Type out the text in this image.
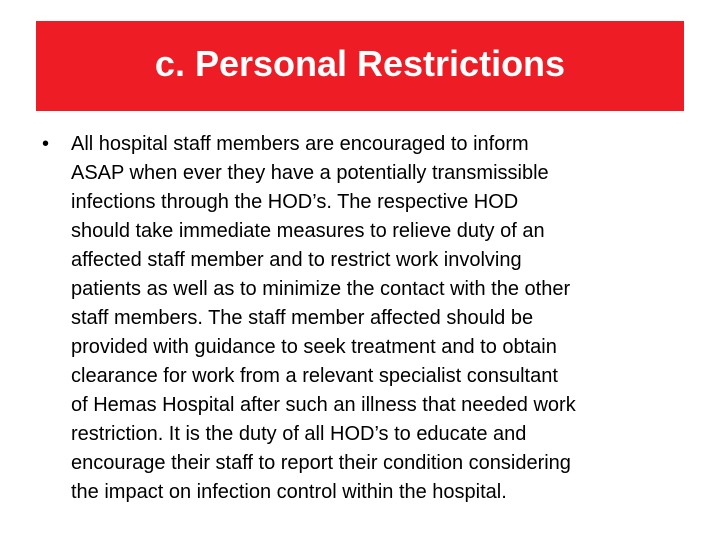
c. Personal Restrictions
• All hospital staff members are encouraged to inform
ASAP when ever they have a potentially transmissible
infections through the HOD’s. The respective HOD
should take immediate measures to relieve duty of an
affected staff member and to restrict work involving
patients as well as to minimize the contact with the other
staff members. The staff member affected should be
provided with guidance to seek treatment and to obtain
clearance for work from a relevant specialist consultant
of Hemas Hospital after such an illness that needed work
restriction. It is the duty of all HOD’s to educate and
encourage their staff to report their condition considering
the impact on infection control within the hospital.
